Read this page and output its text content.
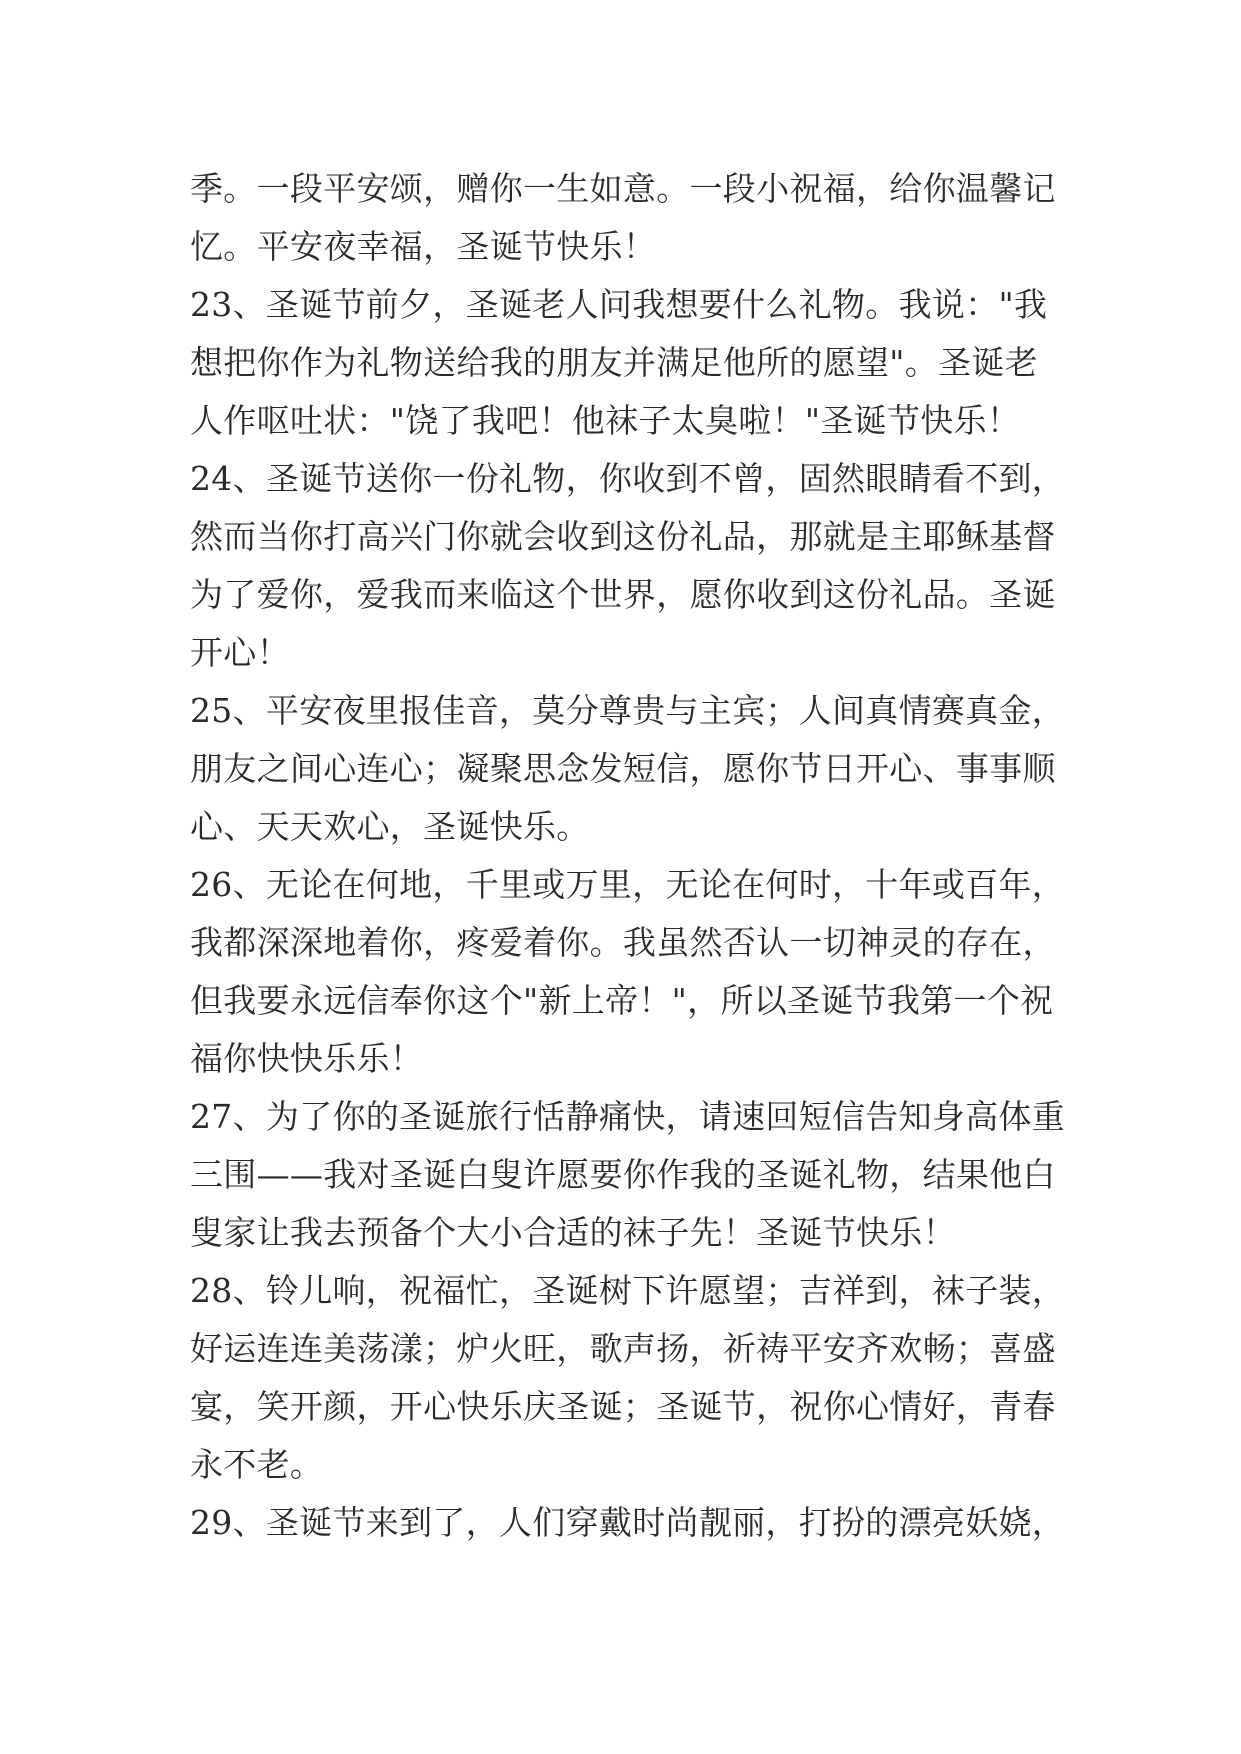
季。一段平安颂，赠你一生如意。一段小祝福，给你温馨记
忆。平安夜幸福，圣诞节快乐！
23、圣诞节前夕，圣诞老人问我想要什么礼物。我说："我
想把你作为礼物送给我的朋友并满足他所的愿望"。圣诞老
人作呕吐状："饶了我吧！他袜子太臭啦！"圣诞节快乐！
24、圣诞节送你一份礼物，你收到不曾，固然眼睛看不到，
然而当你打高兴门你就会收到这份礼品，那就是主耶稣基督
为了爱你，爱我而来临这个世界，愿你收到这份礼品。圣诞
开心！
25、平安夜里报佳音，莫分尊贵与主宾；人间真情赛真金，
朋友之间心连心；凝聚思念发短信，愿你节日开心、事事顺
心、天天欢心，圣诞快乐。
26、无论在何地，千里或万里，无论在何时，十年或百年，
我都深深地着你，疼爱着你。我虽然否认一切神灵的存在，
但我要永远信奉你这个"新上帝！"，所以圣诞节我第一个祝
福你快快乐乐！
27、为了你的圣诞旅行恬静痛快，请速回短信告知身高体重
三围——我对圣诞白叟许愿要你作我的圣诞礼物，结果他白
叟家让我去预备个大小合适的袜子先！圣诞节快乐！
28、铃儿响，祝福忙，圣诞树下许愿望；吉祥到，袜子装，
好运连连美荡漾；炉火旺，歌声扬，祈祷平安齐欢畅；喜盛
宴，笑开颜，开心快乐庆圣诞；圣诞节，祝你心情好，青春
永不老。
29、圣诞节来到了，人们穿戴时尚靓丽，打扮的漂亮妖娆，
